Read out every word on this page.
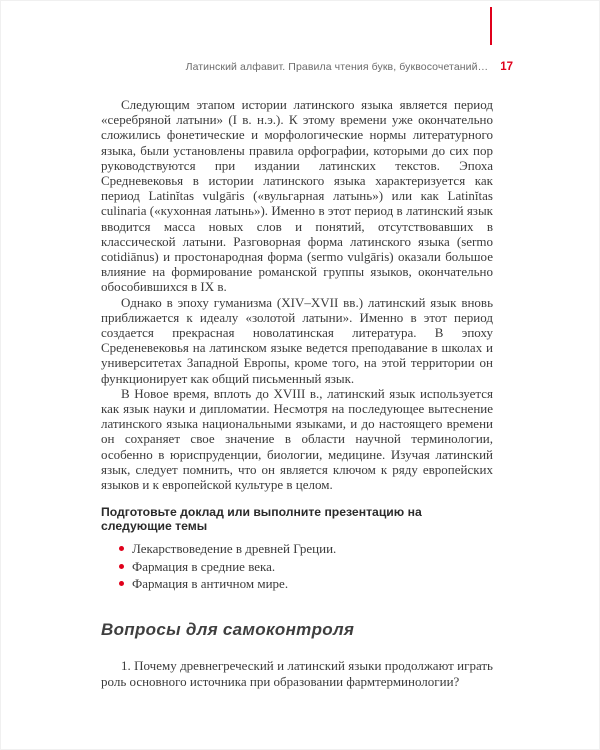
Латинский алфавит. Правила чтения букв, буквосочетаний… 17

Следующим этапом истории латинского языка является период «серебряной латыни» (I в. н.э.). К этому времени уже окончательно сложились фонетические и морфологические нормы литературного языка, были установлены правила орфографии, которыми до сих пор руководствуются при издании латинских текстов. Эпоха Средневековья в истории латинского языка характеризуется как период Latinĭtas vulgāris («вульгарная латынь») или как Latinĭtas culinaria («кухонная латынь»). Именно в этот период в латинский язык вводится масса новых слов и понятий, отсутствовавших в классической латыни. Разговорная форма латинского языка (sermo cotidiānus) и простонародная форма (sermo vulgāris) оказали большое влияние на формирование романской группы языков, окончательно обособившихся в IX в.

Однако в эпоху гуманизма (XIV–XVII вв.) латинский язык вновь приближается к идеалу «золотой латыни». Именно в этот период создается прекрасная новолатинская литература. В эпоху Среденевековья на латинском языке ведется преподавание в школах и университетах Западной Европы, кроме того, на этой территории он функционирует как общий письменный язык.

В Новое время, вплоть до XVIII в., латинский язык используется как язык науки и дипломатии. Несмотря на последующее вытеснение латинского языка национальными языками, и до настоящего времени он сохраняет свое значение в области научной терминологии, особенно в юриспруденции, биологии, медицине. Изучая латинский язык, следует помнить, что он является ключом к ряду европейских языков и к европейской культуре в целом.

Подготовьте доклад или выполните презентацию на следующие темы

Лекарствоведение в древней Греции.
Фармация в средние века.
Фармация в античном мире.
Вопросы для самоконтроля

1. Почему древнегреческий и латинский языки продолжают играть роль основного источника при образовании фармтерминологии?
